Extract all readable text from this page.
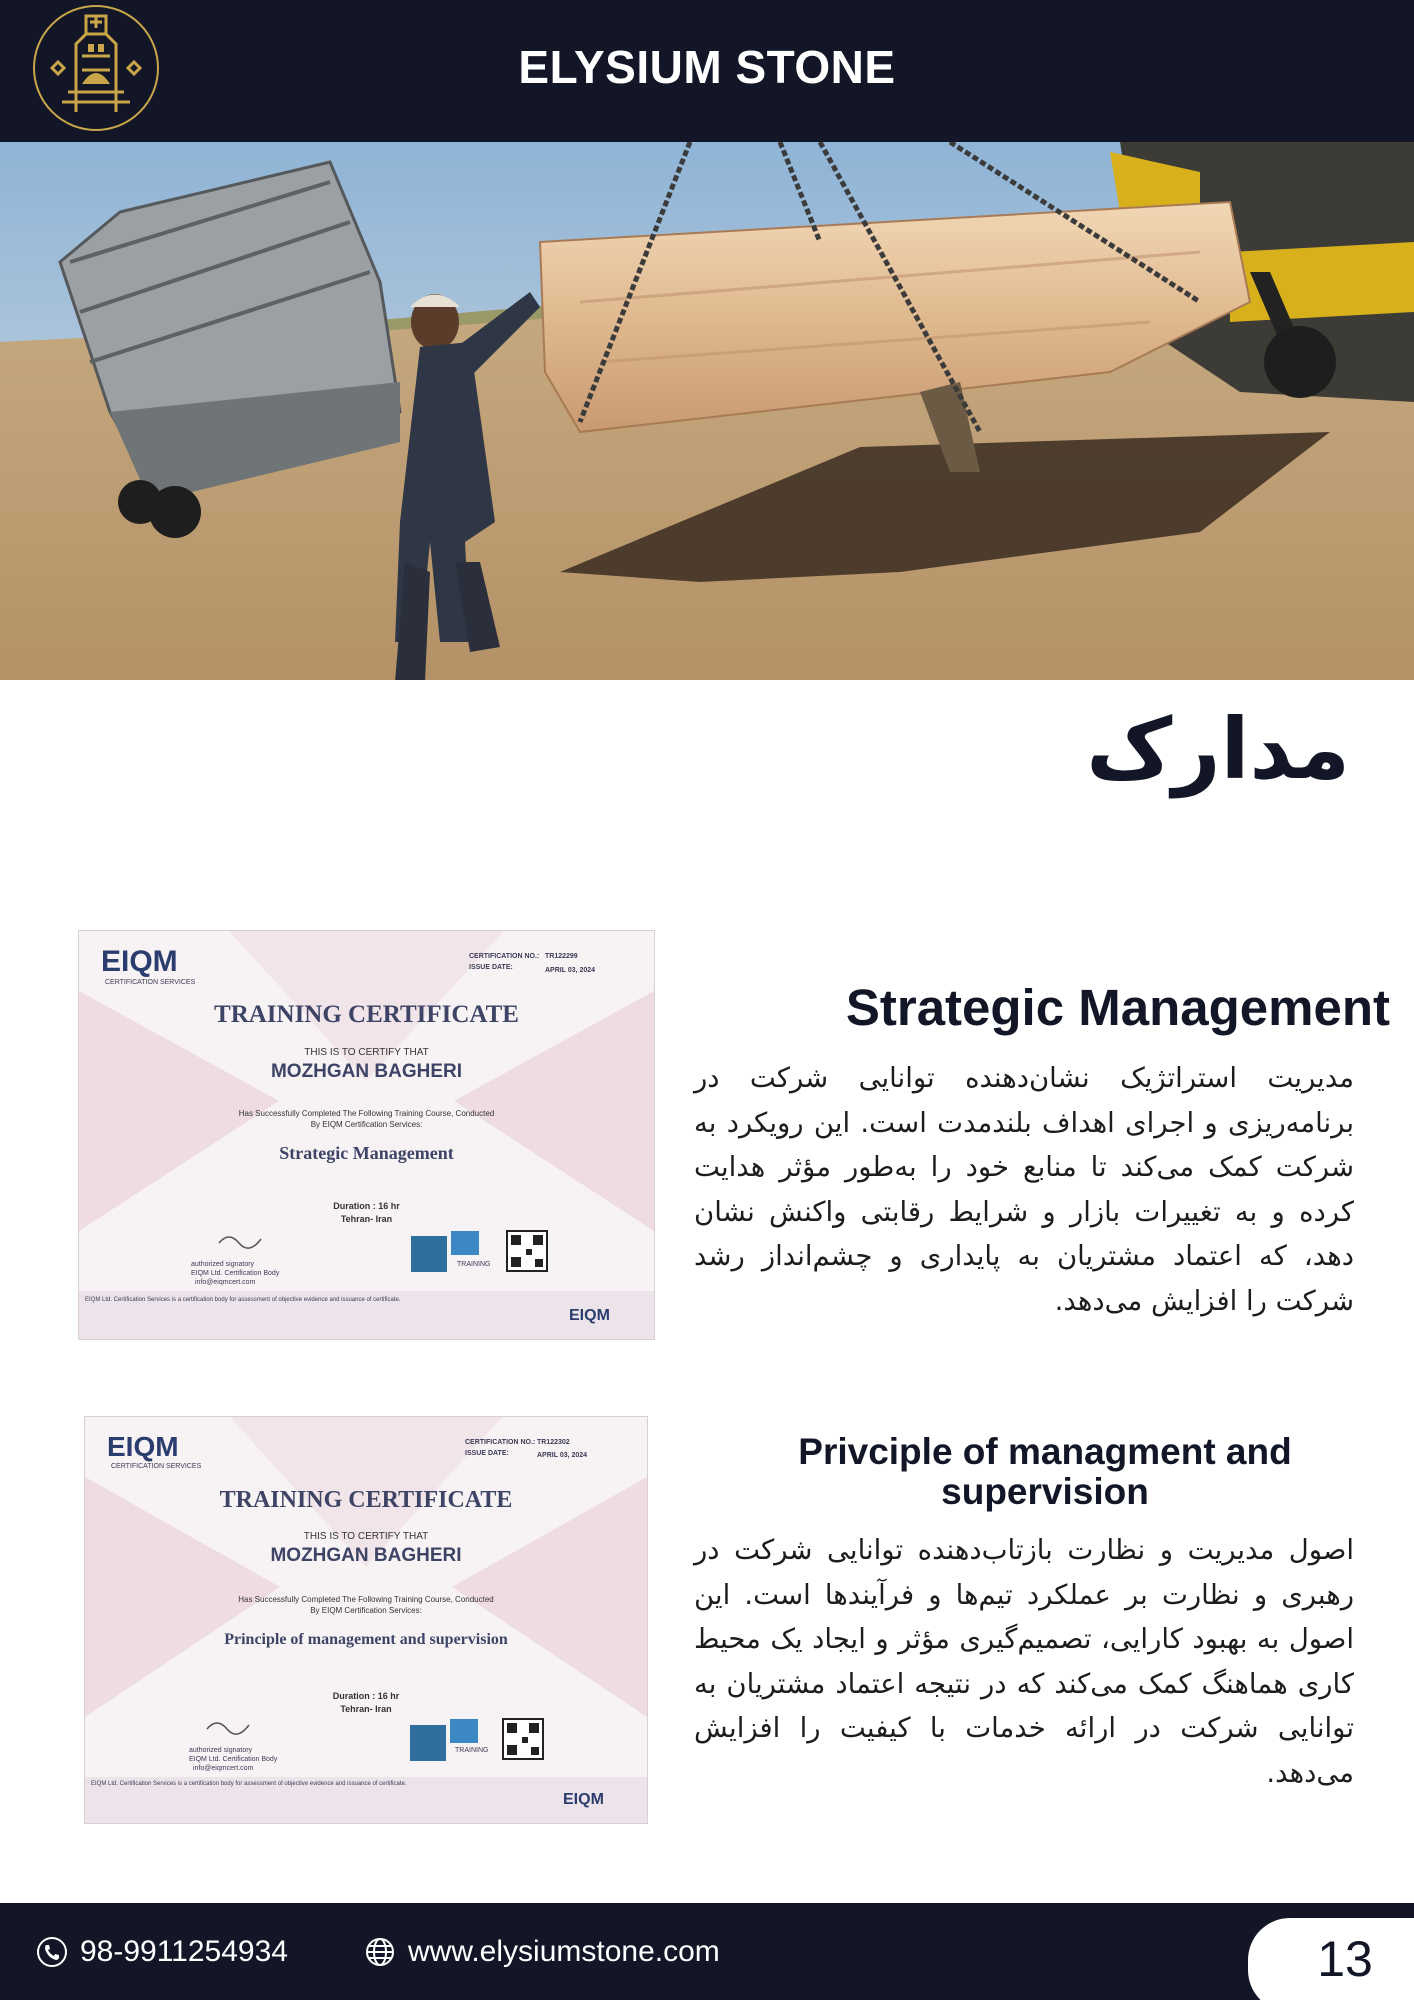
ELYSIUM STONE
مدارک
EIQM
CERTIFICATION SERVICES
CERTIFICATION NO.: TR122299
ISSUE DATE:	APRIL 03, 2024
TRAINING CERTIFICATE
THIS IS TO CERTIFY THAT
MOZHGAN BAGHERI
Has Successfully Completed The Following Training Course, Conducted
By EIQM Certification Services:
Strategic Management
Duration : 16 hr
Tehran- Iran
authorized signatory
EIQM Ltd. Certification Body
info@eiqmcert.com
TRAINING
EIQM Ltd. Certification Services is a certification body for assessment of objective evidence and issuance of certificate.
EIQM
Strategic Management
مدیریت استراتژیک نشان‌دهنده توانایی شرکت در برنامه‌ریزی و اجرای اهداف بلندمدت است. این رویکرد به شرکت کمک می‌کند تا منابع خود را به‌طور مؤثر هدایت کرده و به تغییرات بازار و شرایط رقابتی واکنش نشان دهد، که اعتماد مشتریان به پایداری و چشم‌انداز رشد شرکت را افزایش می‌دهد.
EIQM
CERTIFICATION SERVICES
CERTIFICATION NO.: TR122302
ISSUE DATE:	APRIL 03, 2024
TRAINING CERTIFICATE
THIS IS TO CERTIFY THAT
MOZHGAN BAGHERI
Has Successfully Completed The Following Training Course, Conducted
By EIQM Certification Services:
Principle of management and supervision
Duration : 16 hr
Tehran- Iran
authorized signatory
EIQM Ltd. Certification Body
info@eiqmcert.com
TRAINING
EIQM Ltd. Certification Services is a certification body for assessment of objective evidence and issuance of certificate.
EIQM
Privciple of managment and supervision
اصول مدیریت و نظارت بازتاب‌دهنده توانایی شرکت در رهبری و نظارت بر عملکرد تیم‌ها و فرآیندها است. این اصول به بهبود کارایی، تصمیم‌گیری مؤثر و ایجاد یک محیط کاری هماهنگ کمک می‌کند که در نتیجه اعتماد مشتریان به توانایی شرکت در ارائه خدمات با کیفیت را افزایش می‌دهد.
98-9911254934	www.elysiumstone.com	13
